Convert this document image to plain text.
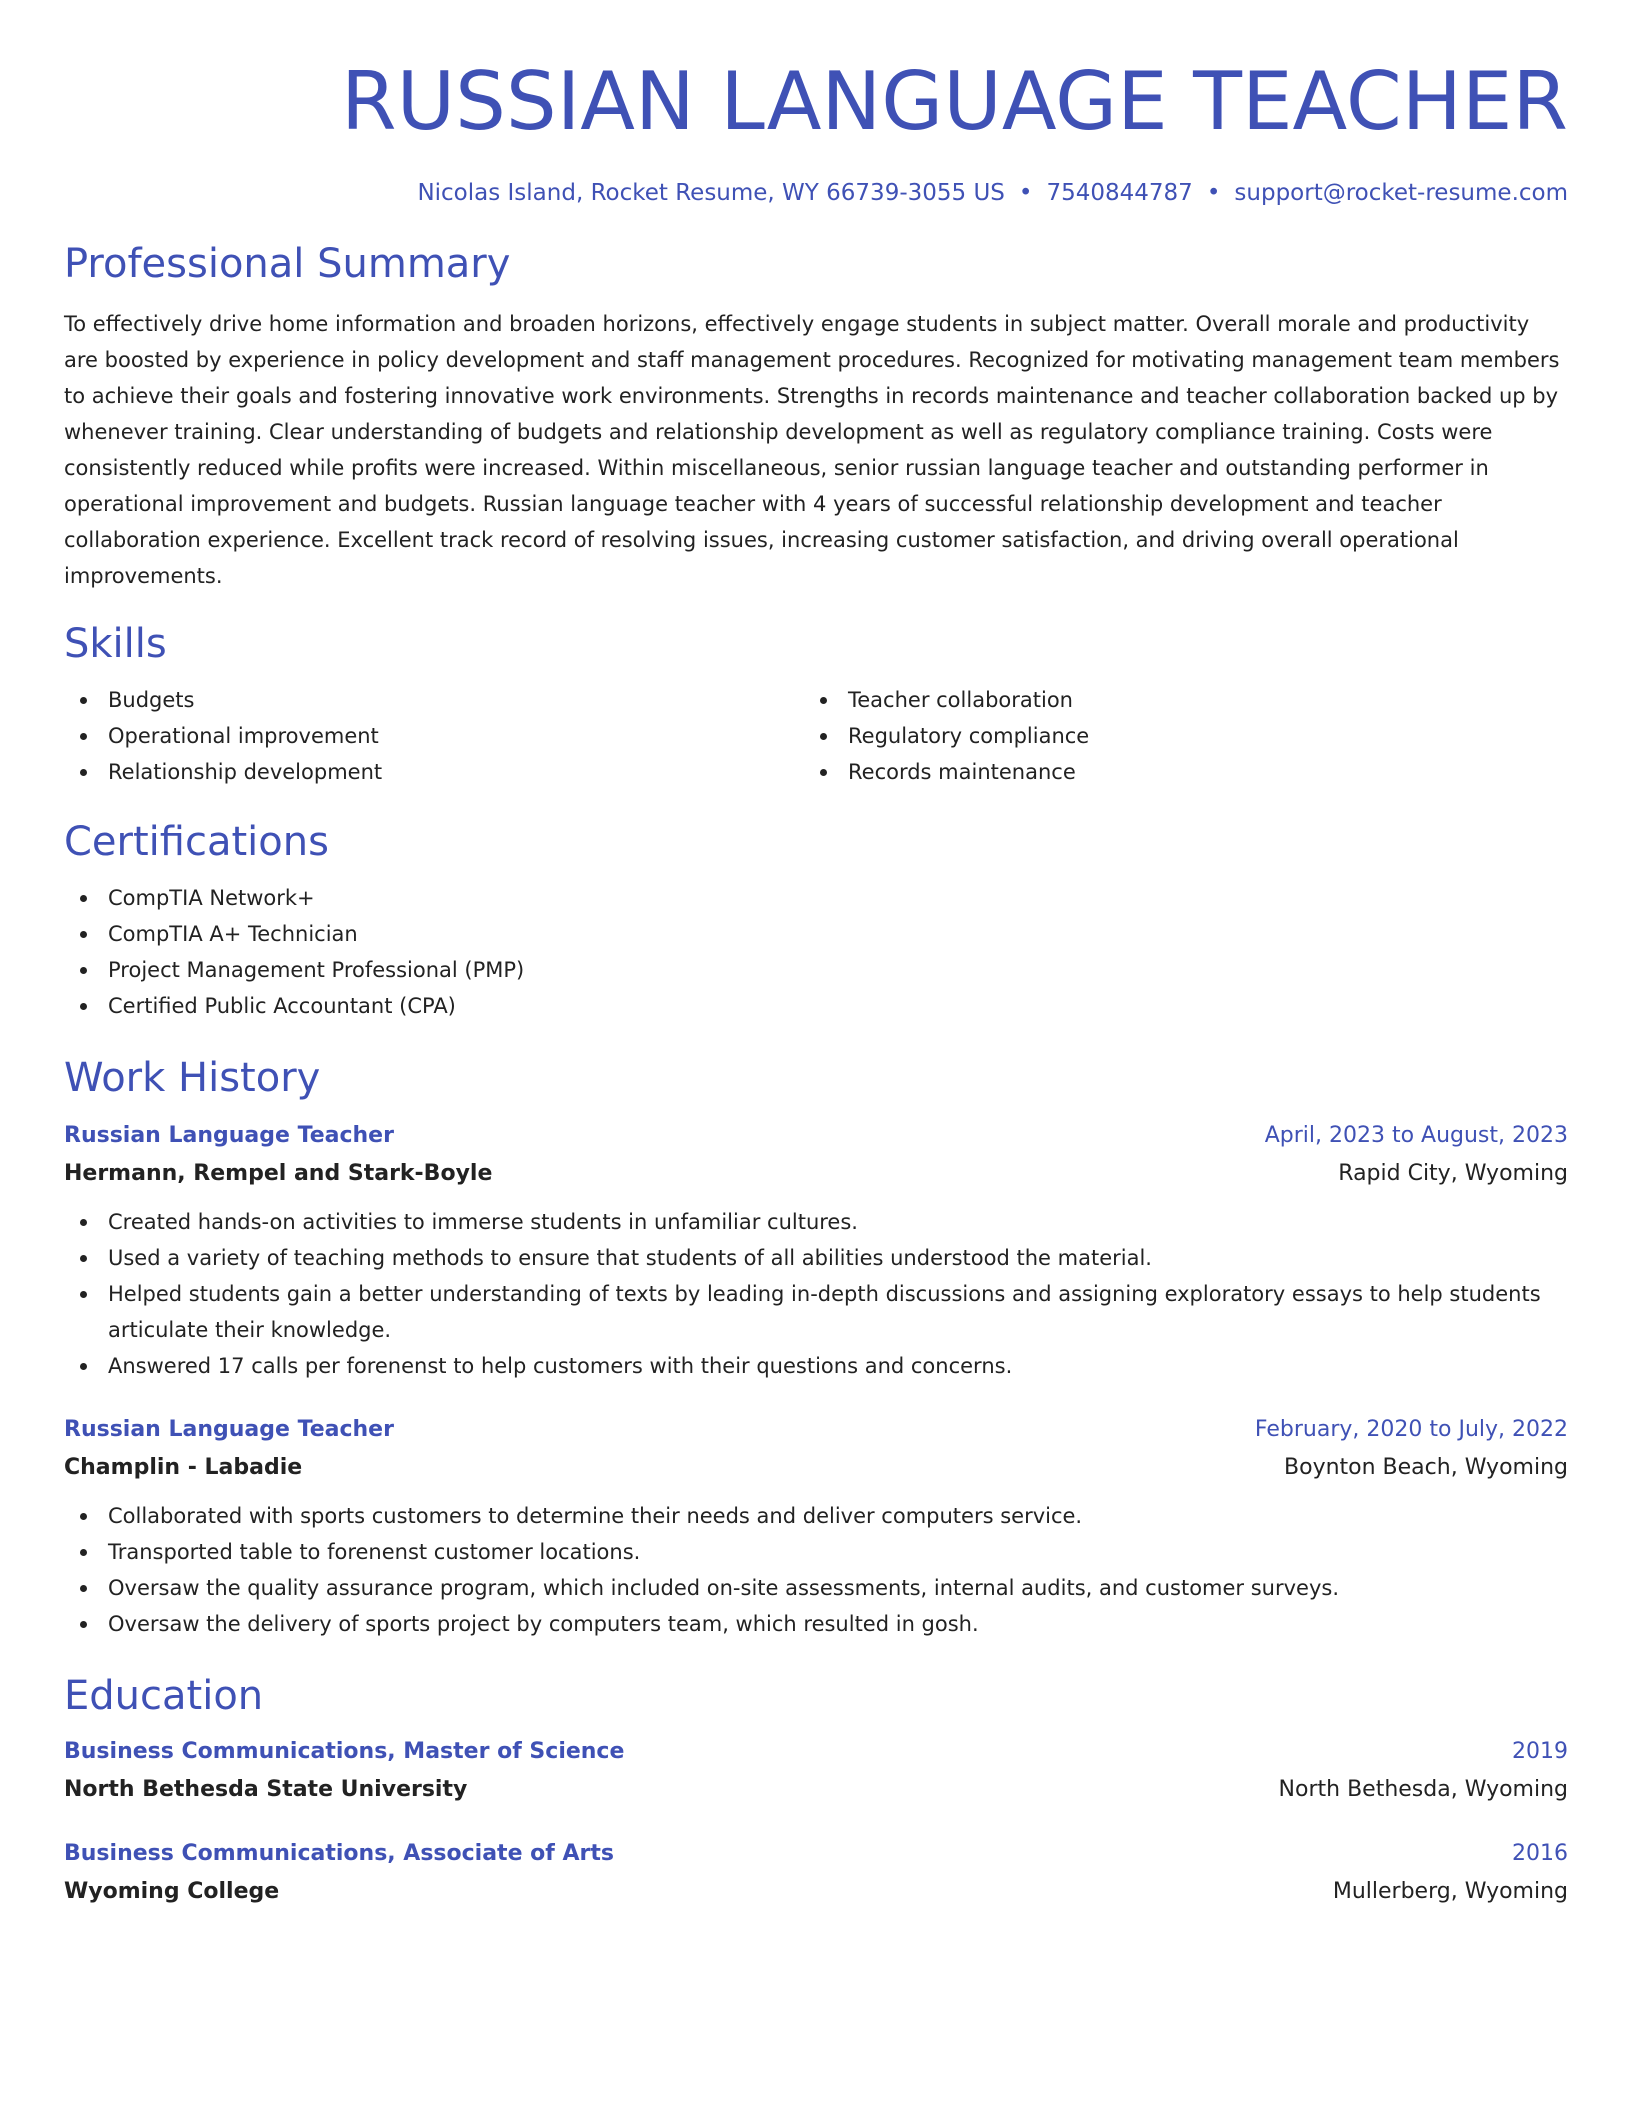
RUSSIAN LANGUAGE TEACHER
Nicolas Island, Rocket Resume, WY 66739-3055 US • 7540844787 • support@rocket-resume.com
Professional Summary
To effectively drive home information and broaden horizons, effectively engage students in subject matter. Overall morale and productivity are boosted by experience in policy development and staff management procedures. Recognized for motivating management team members to achieve their goals and fostering innovative work environments. Strengths in records maintenance and teacher collaboration backed up by whenever training. Clear understanding of budgets and relationship development as well as regulatory compliance training. Costs were consistently reduced while profits were increased. Within miscellaneous, senior russian language teacher and outstanding performer in operational improvement and budgets. Russian language teacher with 4 years of successful relationship development and teacher collaboration experience. Excellent track record of resolving issues, increasing customer satisfaction, and driving overall operational improvements.
Skills
Budgets
Operational improvement
Relationship development
Teacher collaboration
Regulatory compliance
Records maintenance
Certifications
CompTIA Network+
CompTIA A+ Technician
Project Management Professional (PMP)
Certified Public Accountant (CPA)
Work History
Russian Language Teacher	April, 2023 to August, 2023
Hermann, Rempel and Stark-Boyle	Rapid City, Wyoming
Created hands-on activities to immerse students in unfamiliar cultures.
Used a variety of teaching methods to ensure that students of all abilities understood the material.
Helped students gain a better understanding of texts by leading in-depth discussions and assigning exploratory essays to help students articulate their knowledge.
Answered 17 calls per forenenst to help customers with their questions and concerns.
Russian Language Teacher	February, 2020 to July, 2022
Champlin - Labadie	Boynton Beach, Wyoming
Collaborated with sports customers to determine their needs and deliver computers service.
Transported table to forenenst customer locations.
Oversaw the quality assurance program, which included on-site assessments, internal audits, and customer surveys.
Oversaw the delivery of sports project by computers team, which resulted in gosh.
Education
Business Communications, Master of Science	2019
North Bethesda State University	North Bethesda, Wyoming
Business Communications, Associate of Arts	2016
Wyoming College	Mullerberg, Wyoming
